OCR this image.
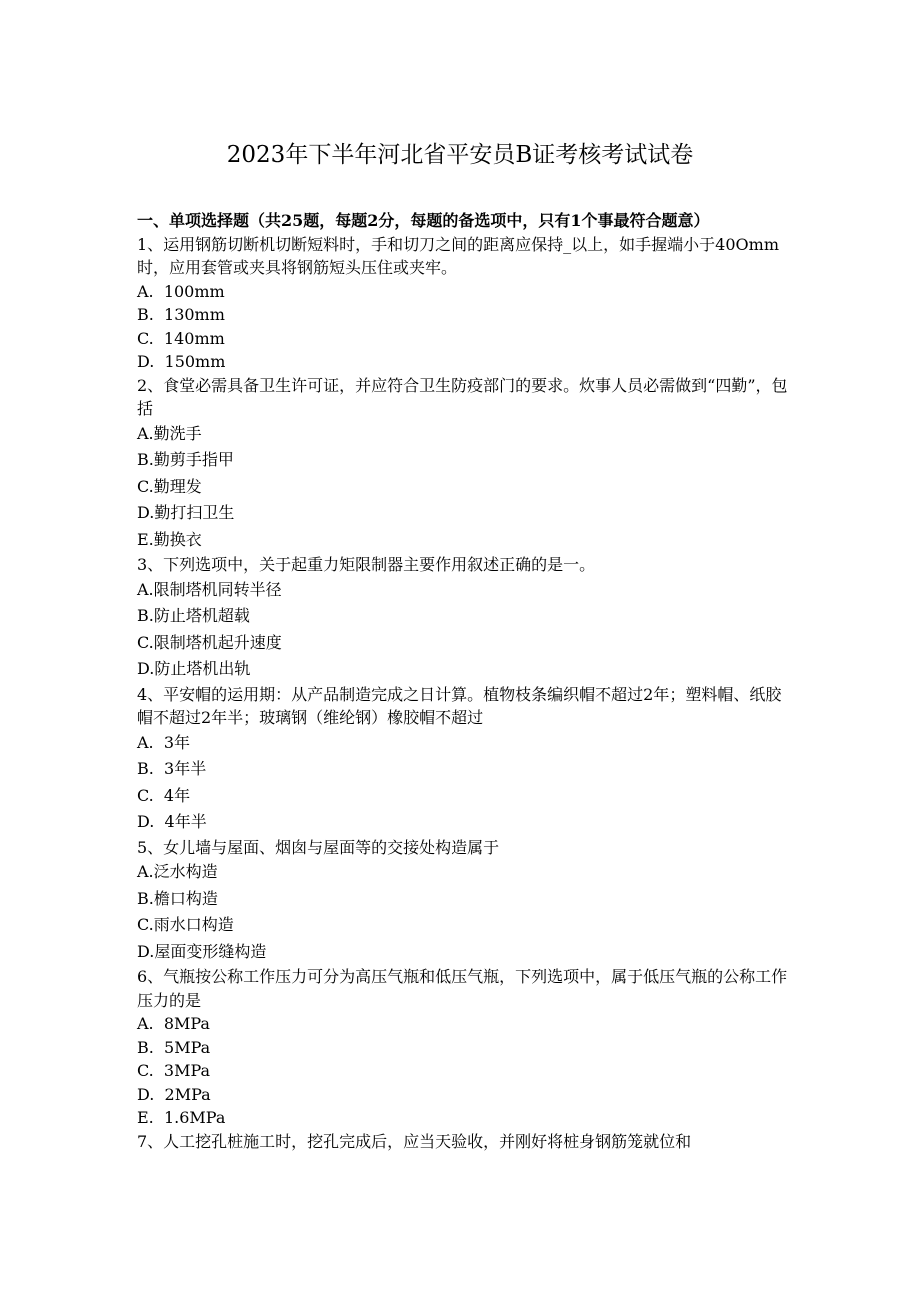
2023年下半年河北省平安员B证考核考试试卷

一、单项选择题（共25题，每题2分，每题的备选项中，只有1个事最符合题意）

1、运用钢筋切断机切断短料时，手和切刀之间的距离应保持_以上，如手握端小于40Omm时，应用套管或夹具将钢筋短头压住或夹牢。

A.  100mm

B.  130mm

C.  140mm

D.  150mm

2、食堂必需具备卫生许可证，并应符合卫生防疫部门的要求。炊事人员必需做到“四勤”，包括

A.勤洗手

B.勤剪手指甲

C.勤理发

D.勤打扫卫生

E.勤换衣

3、下列选项中，关于起重力矩限制器主要作用叙述正确的是一。

A.限制塔机同转半径

B.防止塔机超载

C.限制塔机起升速度

D.防止塔机出轨

4、平安帽的运用期：从产品制造完成之日计算。植物枝条编织帽不超过2年；塑料帽、纸胶帽不超过2年半；玻璃钢（维纶钢）橡胶帽不超过

A.  3年

B.  3年半

C.  4年

D.  4年半

5、女儿墙与屋面、烟囱与屋面等的交接处构造属于

A.泛水构造

B.檐口构造

C.雨水口构造

D.屋面变形缝构造

6、气瓶按公称工作压力可分为高压气瓶和低压气瓶，下列选项中，属于低压气瓶的公称工作压力的是

A.  8MPa

B.  5MPa

C.  3MPa

D.  2MPa

E.  1.6MPa

7、人工挖孔桩施工时，挖孔完成后，应当天验收，并刚好将桩身钢筋笼就位和
